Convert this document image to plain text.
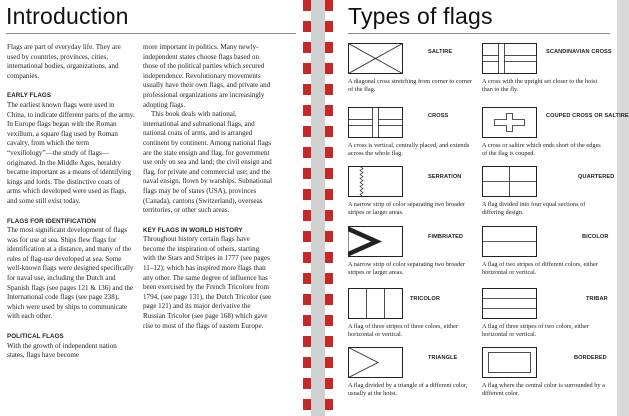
Introduction

Flags are part of everyday life. They are used by countries, provinces, cities, international bodies, organizations, and companies.

EARLY FLAGS

The earliest known flags were used in China, to indicate different parts of the army. In Europe flags began with the Roman vexillum, a square flag used by Roman cavalry, from which the term “vexillology”—the study of flags—originated. In the Middle Ages, heraldry became important as a means of identifying kings and lords. The distinctive coats of arms which developed were used as flags, and some still exist today.

FLAGS FOR IDENTIFICATION

The most significant development of flags was for use at sea. Ships flew flags for identification at a distance, and many of the rules of flag-use developed at sea. Some well-known flags were designed specifically for naval use, including the Dutch and Spanish flags (see pages 121 & 136) and the International code flags (see page 238), which were used by ships to communicate with each other.

POLITICAL FLAGS

With the growth of independent nation states, flags have become

more important in politics. Many newly-independent states choose flags based on those of the political parties which secured independence. Revolutionary movements usually have their own flags, and private and professional organizations are increasingly adopting flags.

This book deals with national, international and subnational flags, and national coats of arms, and is arranged continent by continent. Among national flags are the state ensign and flag, for government use only on sea and land; the civil ensign and flag, for private and commercial use; and the naval ensign, flown by warships. Subnational flags may be of states (USA), provinces (Canada), cantons (Switzerland), overseas territories, or other such areas.

KEY FLAGS IN WORLD HISTORY

Throughout history certain flags have become the inspiration of others, starting with the Stars and Stripes in 1777 (see pages 11–12); which has inspired more flags than any other. The same degree of influence has been exercised by the French Tricolore from 1794, (see page 131), the Dutch Tricolor (see page 121) and its major derivative the Russian Tricolor (see page 168) which gave rise to most of the flags of eastern Europe.

Types of flags
SALTIRE
A diagonal cross stretching from corner to corner of the flag.
SCANDINAVIAN CROSS
A cross with the upright set closer to the hoist than to the fly.
CROSS
A cross is vertical, centrally placed, and extends across the whole flag.
COUPED CROSS OR SALTIRE
A cross or saltire which ends short of the edges of the flag is couped.
SERRATION
A narrow strip of color separating two broader stripes or larger areas.
QUARTERED
A flag divided into four equal sections of differing design.
FIMBRIATED
A narrow strip of color separating two broader stripes or larger areas.
BICOLOR
A flag of two stripes of different colors, either horizontal or vertical.
TRICOLOR
A flag of three stripes of three colors, either horizontal or vertical.
TRIBAR
A flag of three stripes of two colors, either horizontal or vertical.
TRIANGLE
A flag divided by a triangle of a different color, usually at the hoist.
BORDERED
A flag where the central color is surrounded by a different color.
